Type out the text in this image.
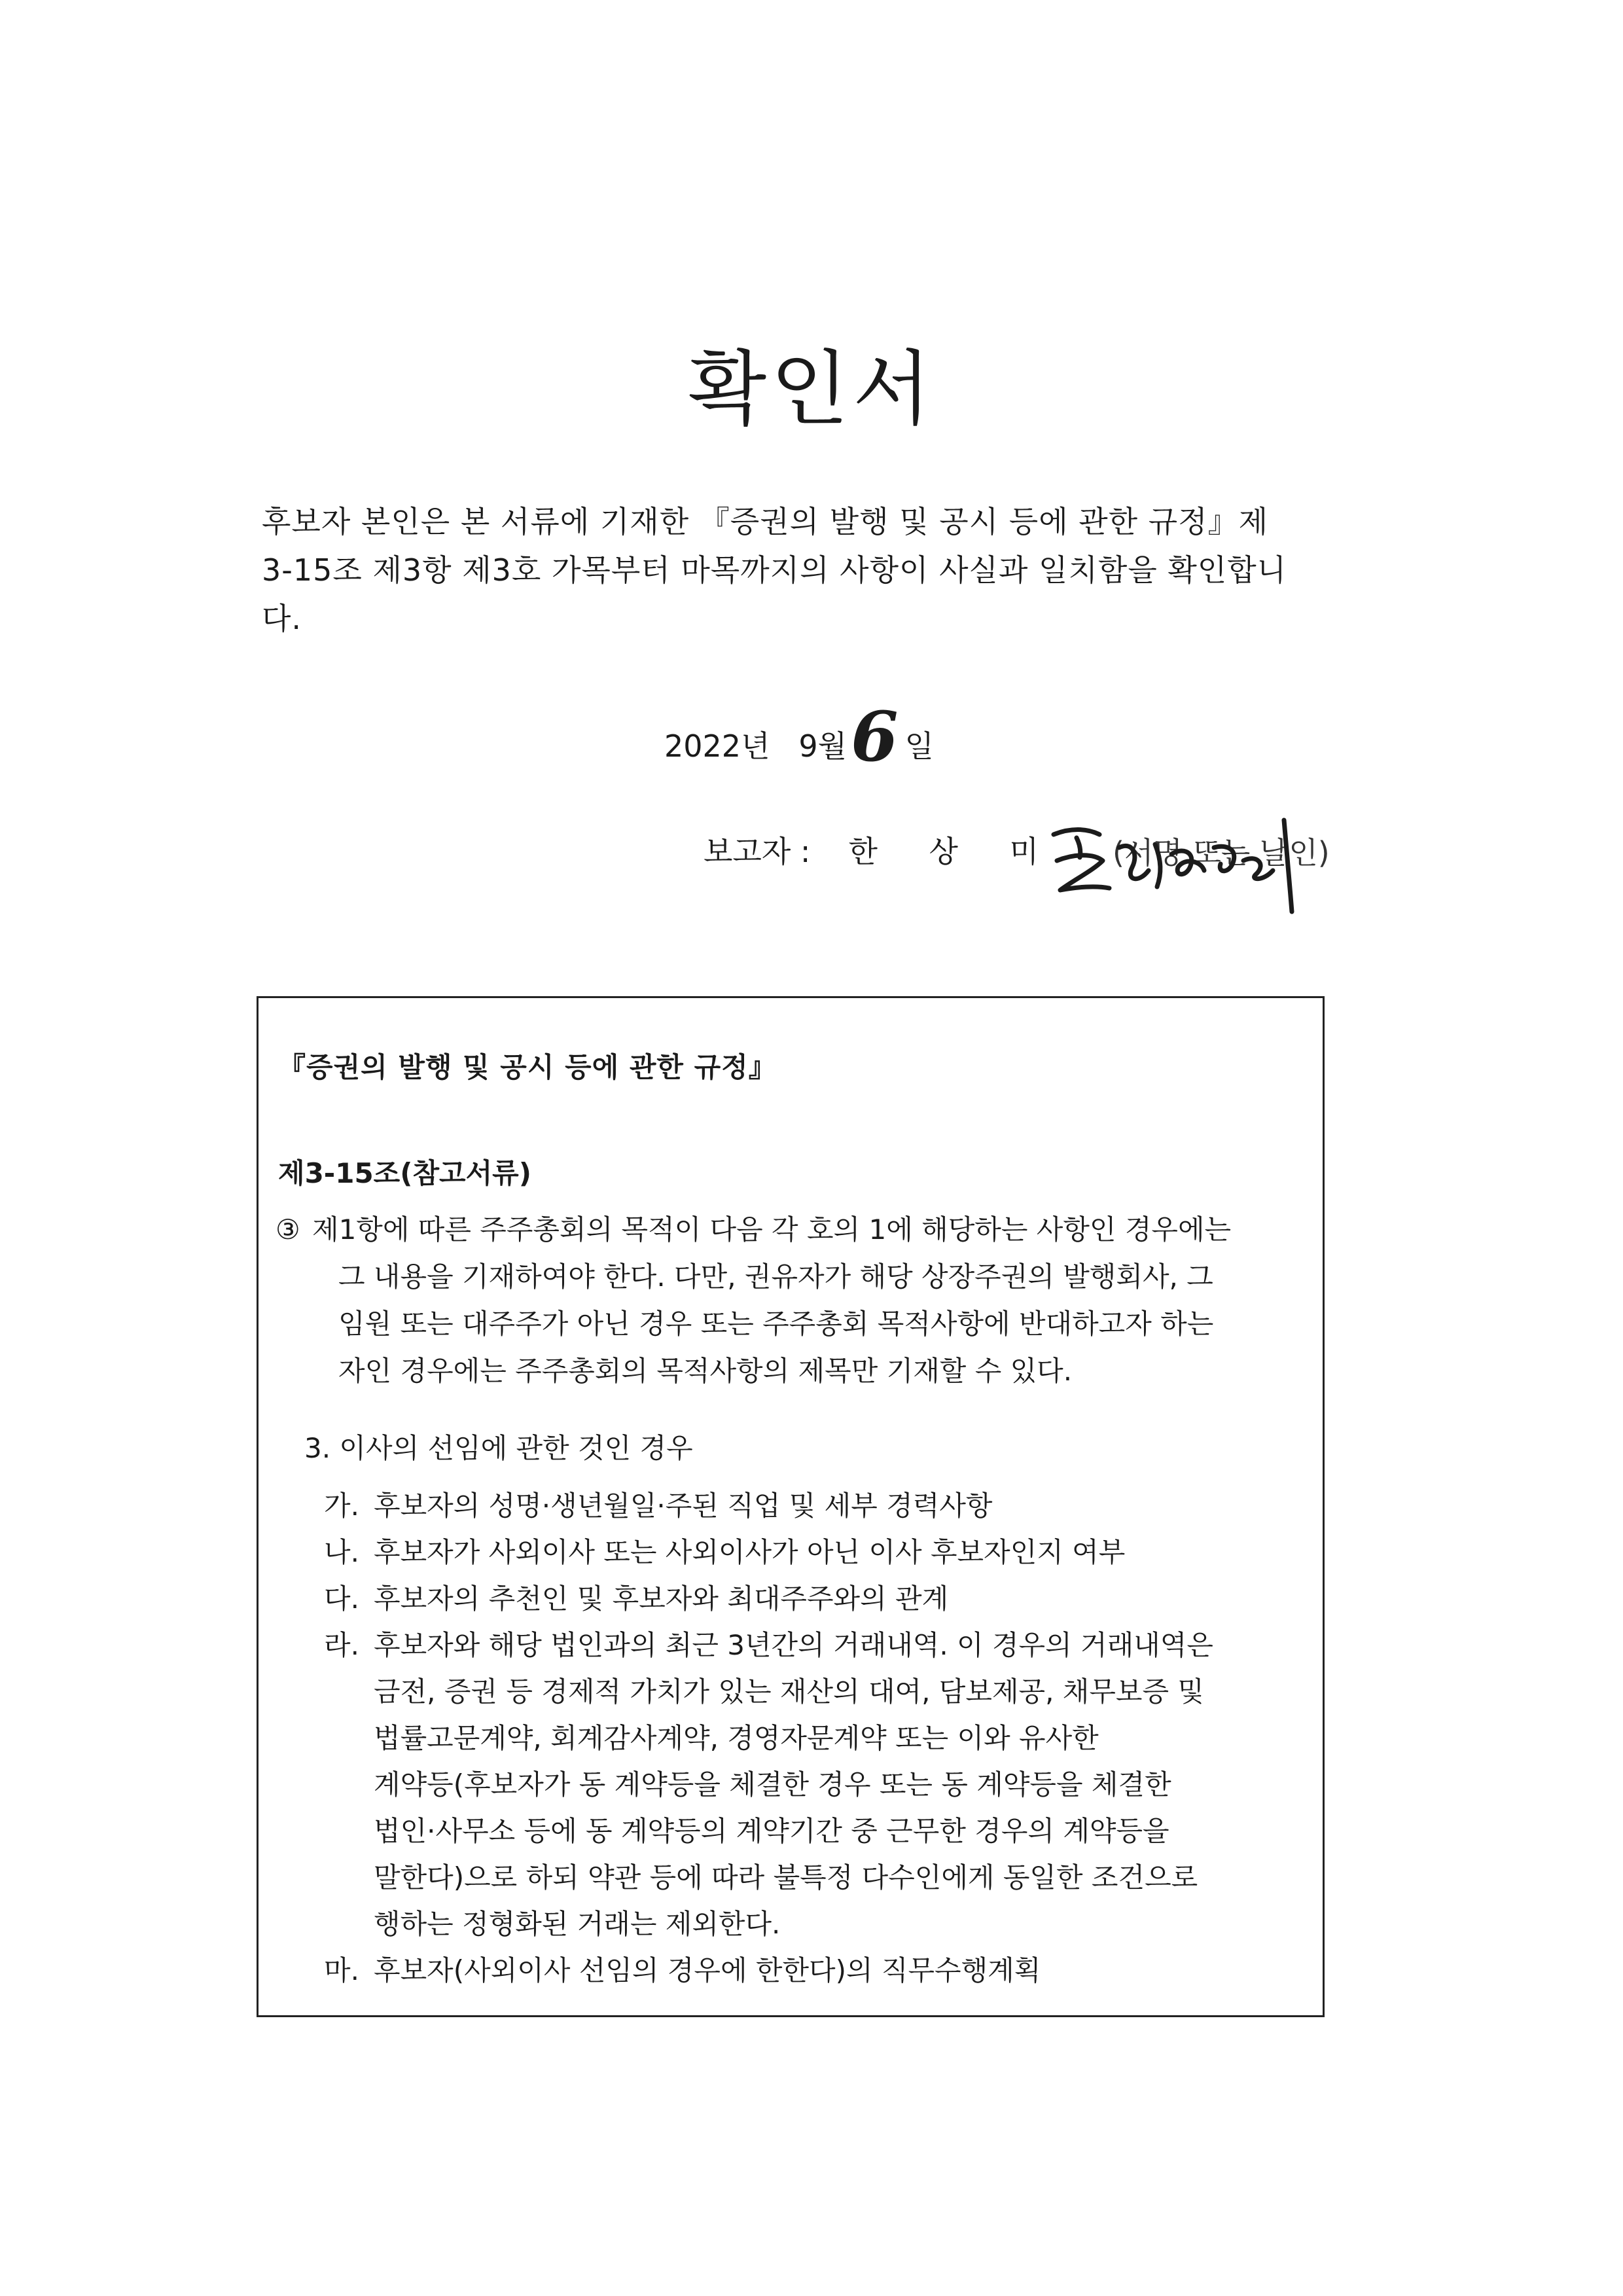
확인서
후보자 본인은 본 서류에 기재한 『증권의 발행 및 공시 등에 관한 규정』제
3-15조 제3항 제3호 가목부터 마목까지의 사항이 사실과 일치함을 확인합니
다.
2022년
9월 6 일
보고자 : 한 상 미 (서명 또는 날인)
『증권의 발행 및 공시 등에 관한 규정』
제3-15조(참고서류)
③ 제1항에 따른 주주총회의 목적이 다음 각 호의 1에 해당하는 사항인 경우에는
그 내용을 기재하여야 한다. 다만, 권유자가 해당 상장주권의 발행회사, 그
임원 또는 대주주가 아닌 경우 또는 주주총회 목적사항에 반대하고자 하는
자인 경우에는 주주총회의 목적사항의 제목만 기재할 수 있다.
3. 이사의 선임에 관한 것인 경우
가. 후보자의 성명·생년월일·주된 직업 및 세부 경력사항
나. 후보자가 사외이사 또는 사외이사가 아닌 이사 후보자인지 여부
다. 후보자의 추천인 및 후보자와 최대주주와의 관계
라. 후보자와 해당 법인과의 최근 3년간의 거래내역. 이 경우의 거래내역은
금전, 증권 등 경제적 가치가 있는 재산의 대여, 담보제공, 채무보증 및
법률고문계약, 회계감사계약, 경영자문계약 또는 이와 유사한
계약등(후보자가 동 계약등을 체결한 경우 또는 동 계약등을 체결한
법인·사무소 등에 동 계약등의 계약기간 중 근무한 경우의 계약등을
말한다)으로 하되 약관 등에 따라 불특정 다수인에게 동일한 조건으로
행하는 정형화된 거래는 제외한다.
마. 후보자(사외이사 선임의 경우에 한한다)의 직무수행계획
